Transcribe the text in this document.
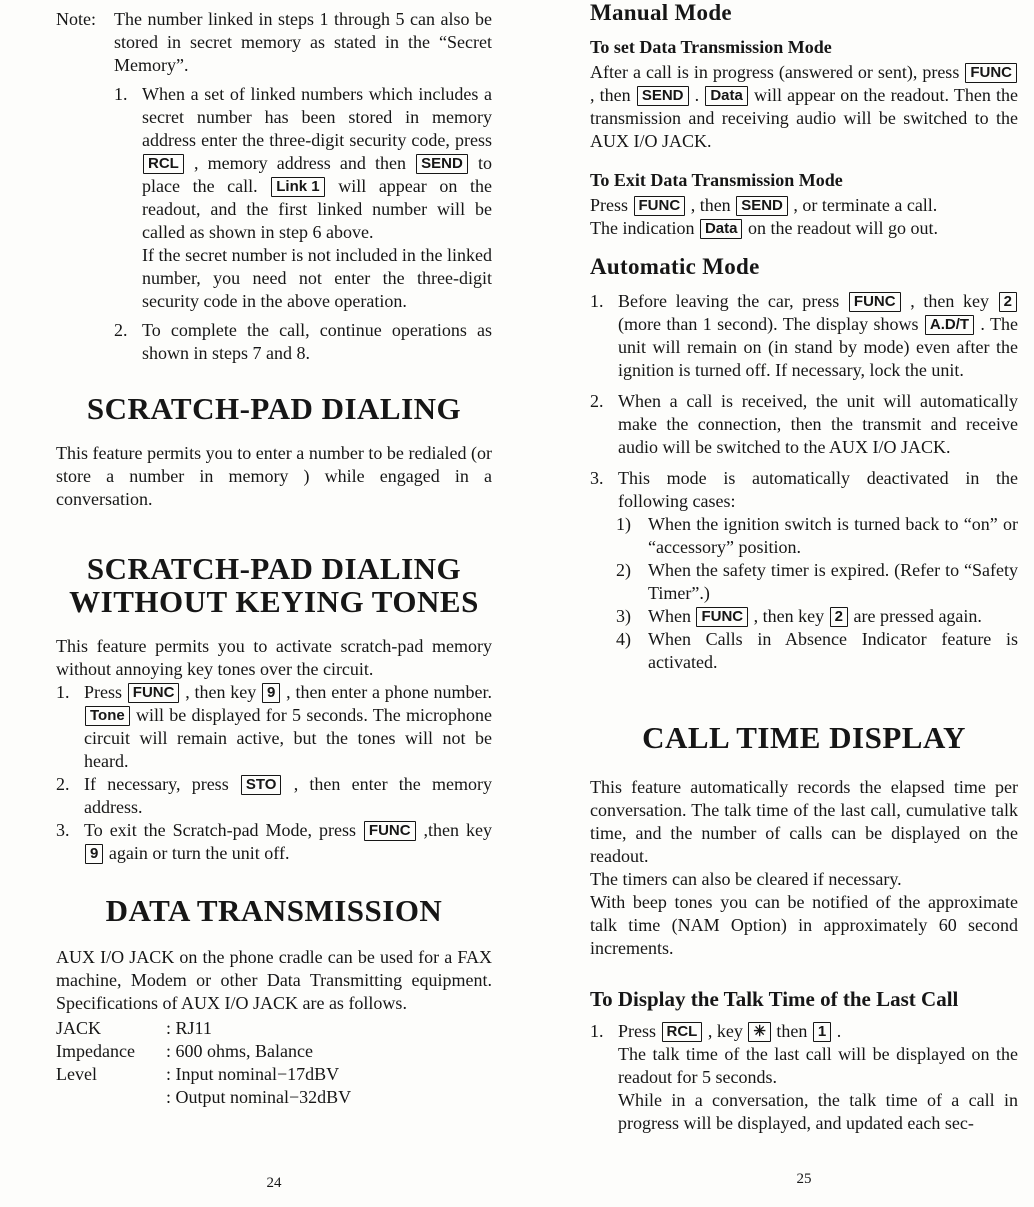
Note:	The number linked in steps 1 through 5 can also be stored in secret memory as stated in the “Secret Memory”.
1. When a set of linked numbers which includes a secret number has been stored in memory address enter the three-digit security code, press RCL , memory address and then SEND to place the call. Link 1 will appear on the readout, and the first linked number will be called as shown in step 6 above.
If the secret number is not included in the linked number, you need not enter the three-digit security code in the above operation.
2. To complete the call, continue operations as shown in steps 7 and 8.
SCRATCH-PAD DIALING

This feature permits you to enter a number to be redialed (or store a number in memory ) while engaged in a conversation.

SCRATCH-PAD DIALING
WITHOUT KEYING TONES

This feature permits you to activate scratch-pad memory without annoying key tones over the circuit.

1. Press FUNC , then key 9 , then enter a phone number. Tone will be displayed for 5 seconds. The microphone circuit will remain active, but the tones will not be heard.
2. If necessary, press STO , then enter the memory address.
3. To exit the Scratch-pad Mode, press FUNC ,then key 9 again or turn the unit off.
DATA TRANSMISSION

AUX I/O JACK on the phone cradle can be used for a FAX machine, Modem or other Data Transmitting equipment. Specifications of AUX I/O JACK are as follows.

JACK	: RJ11
Impedance	: 600 ohms, Balance
Level	: Input nominal−17dBV
: Output nominal−32dBV
Manual Mode
To set Data Transmission Mode

After a call is in progress (answered or sent), press FUNC , then SEND . Data will appear on the readout. Then the transmission and receiving audio will be switched to the AUX I/O JACK.

To Exit Data Transmission Mode

Press FUNC , then SEND , or terminate a call.
The indication Data on the readout will go out.

Automatic Mode
1. Before leaving the car, press FUNC , then key 2 (more than 1 second). The display shows A.D/T . The unit will remain on (in stand by mode) even after the ignition is turned off. If necessary, lock the unit.
2. When a call is received, the unit will automatically make the connection, then the transmit and receive audio will be switched to the AUX I/O JACK.
3. This mode is automatically deactivated in the following cases:
1) When the ignition switch is turned back to “on” or “accessory” position.
2) When the safety timer is expired. (Refer to “Safety Timer”.)
3) When FUNC , then key 2 are pressed again.
4) When Calls in Absence Indicator feature is activated.
CALL TIME DISPLAY

This feature automatically records the elapsed time per conversation. The talk time of the last call, cumulative talk time, and the number of calls can be displayed on the readout.

The timers can also be cleared if necessary.

With beep tones you can be notified of the approximate talk time (NAM Option) in approximately 60 second increments.

To Display the Talk Time of the Last Call
1. Press RCL , key ✳ then 1 .
The talk time of the last call will be displayed on the readout for 5 seconds.
While in a conversation, the talk time of a call in progress will be displayed, and updated each sec-
24	25
